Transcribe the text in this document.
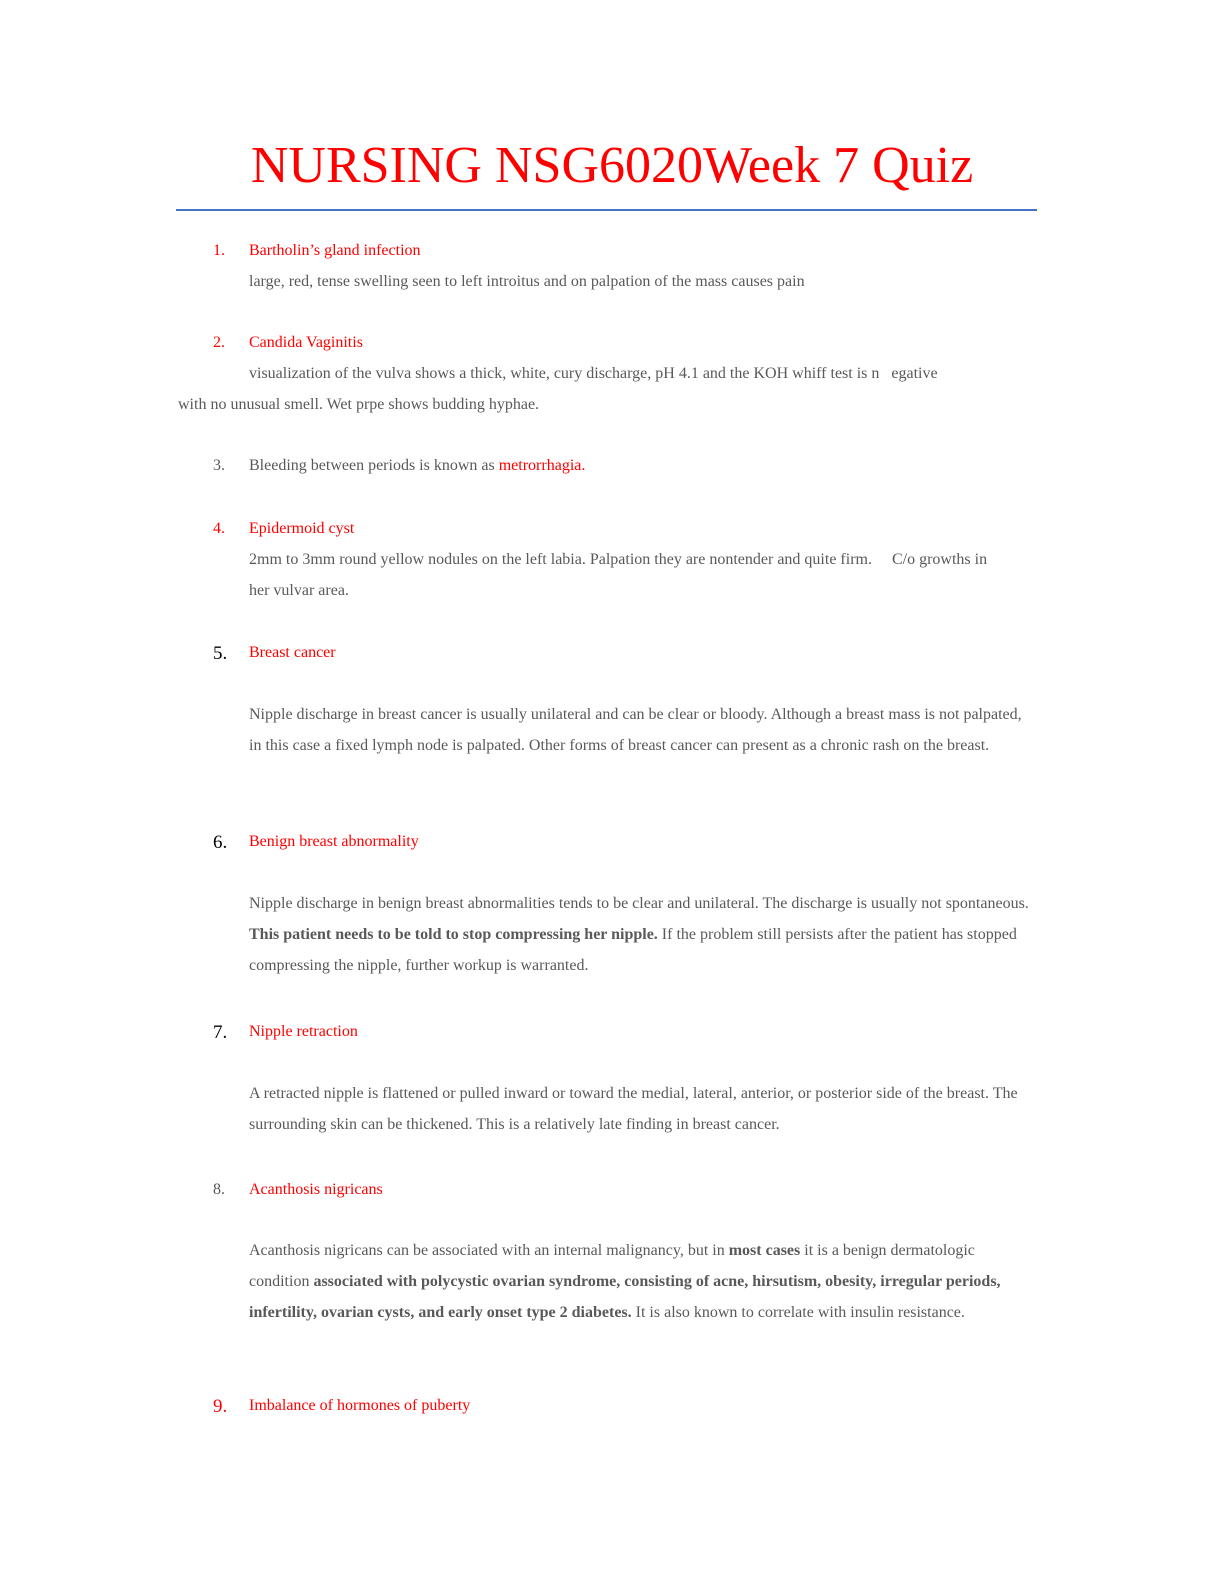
NURSING NSG6020Week 7 Quiz
1. Bartholin’s gland infection
large, red, tense swelling seen to left introitus and on palpation of the mass causes pain
2. Candida Vaginitis
visualization of the vulva shows a thick, white, cury discharge, pH 4.1 and the KOH whiff test is n   egative
with no unusual smell. Wet prpe shows budding hyphae.
3. Bleeding between periods is known as metrorrhagia.
4. Epidermoid cyst
2mm to 3mm round yellow nodules on the left labia. Palpation they are nontender and quite firm.     C/o growths in her vulvar area.
5. Breast cancer
Nipple discharge in breast cancer is usually unilateral and can be clear or bloody. Although a breast mass is not palpated, in this case a fixed lymph node is palpated. Other forms of breast cancer can present as a chronic rash on the breast.
6. Benign breast abnormality
Nipple discharge in benign breast abnormalities tends to be clear and unilateral. The discharge is usually not spontaneous. This patient needs to be told to stop compressing her nipple. If the problem still persists after the patient has stopped compressing the nipple, further workup is warranted.
7. Nipple retraction
A retracted nipple is flattened or pulled inward or toward the medial, lateral, anterior, or posterior side of the breast. The surrounding skin can be thickened. This is a relatively late finding in breast cancer.
8. Acanthosis nigricans
Acanthosis nigricans can be associated with an internal malignancy, but in most cases it is a benign dermatologic condition associated with polycystic ovarian syndrome, consisting of acne, hirsutism, obesity, irregular periods, infertility, ovarian cysts, and early onset type 2 diabetes. It is also known to correlate with insulin resistance.
9. Imbalance of hormones of puberty
